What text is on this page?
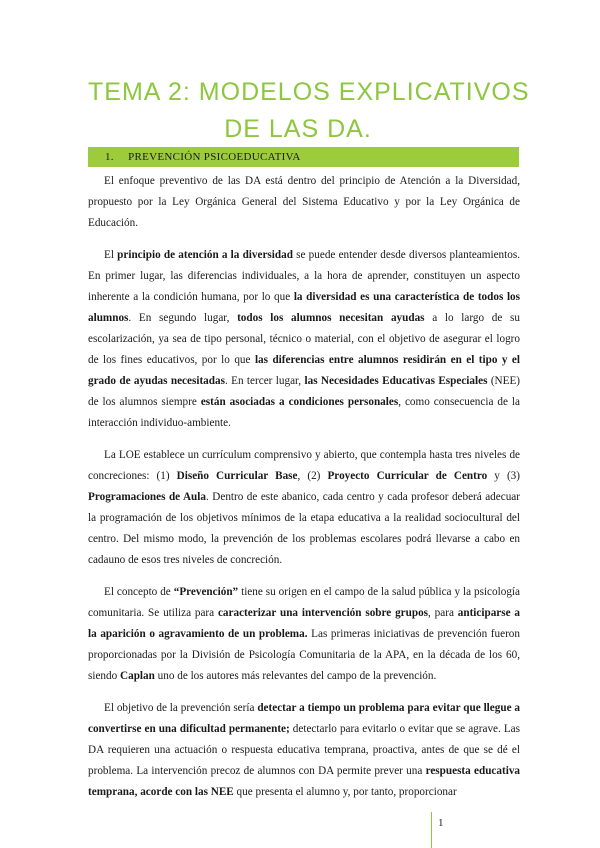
TEMA 2: MODELOS EXPLICATIVOS
DE LAS DA.
1. PREVENCIÓN PSICOEDUCATIVA

El enfoque preventivo de las DA está dentro del principio de Atención a la Diversidad, propuesto por la Ley Orgánica General del Sistema Educativo y por la Ley Orgánica de Educación.

El principio de atención a la diversidad se puede entender desde diversos planteamientos. En primer lugar, las diferencias individuales, a la hora de aprender, constituyen un aspecto inherente a la condición humana, por lo que la diversidad es una característica de todos los alumnos. En segundo lugar, todos los alumnos necesitan ayudas a lo largo de su escolarización, ya sea de tipo personal, técnico o material, con el objetivo de asegurar el logro de los fines educativos, por lo que las diferencias entre alumnos residirán en el tipo y el grado de ayudas necesitadas. En tercer lugar, las Necesidades Educativas Especiales (NEE) de los alumnos siempre están asociadas a condiciones personales, como consecuencia de la interacción individuo-ambiente.

La LOE establece un currículum comprensivo y abierto, que contempla hasta tres niveles de concreciones: (1) Diseño Curricular Base, (2) Proyecto Curricular de Centro y (3) Programaciones de Aula. Dentro de este abanico, cada centro y cada profesor deberá adecuar la programación de los objetivos mínimos de la etapa educativa a la realidad sociocultural del centro. Del mismo modo, la prevención de los problemas escolares podrá llevarse a cabo en cadauno de esos tres niveles de concreción.

El concepto de “Prevención” tiene su origen en el campo de la salud pública y la psicología comunitaria. Se utiliza para caracterizar una intervención sobre grupos, para anticiparse a la aparición o agravamiento de un problema. Las primeras iniciativas de prevención fueron proporcionadas por la División de Psicología Comunitaria de la APA, en la década de los 60, siendo Caplan uno de los autores más relevantes del campo de la prevención.

El objetivo de la prevención sería detectar a tiempo un problema para evitar que llegue a convertirse en una dificultad permanente; detectarlo para evitarlo o evitar que se agrave. Las DA requieren una actuación o respuesta educativa temprana, proactiva, antes de que se dé el problema. La intervención precoz de alumnos con DA permite prever una respuesta educativa temprana, acorde con las NEE que presenta el alumno y, por tanto, proporcionar

1
